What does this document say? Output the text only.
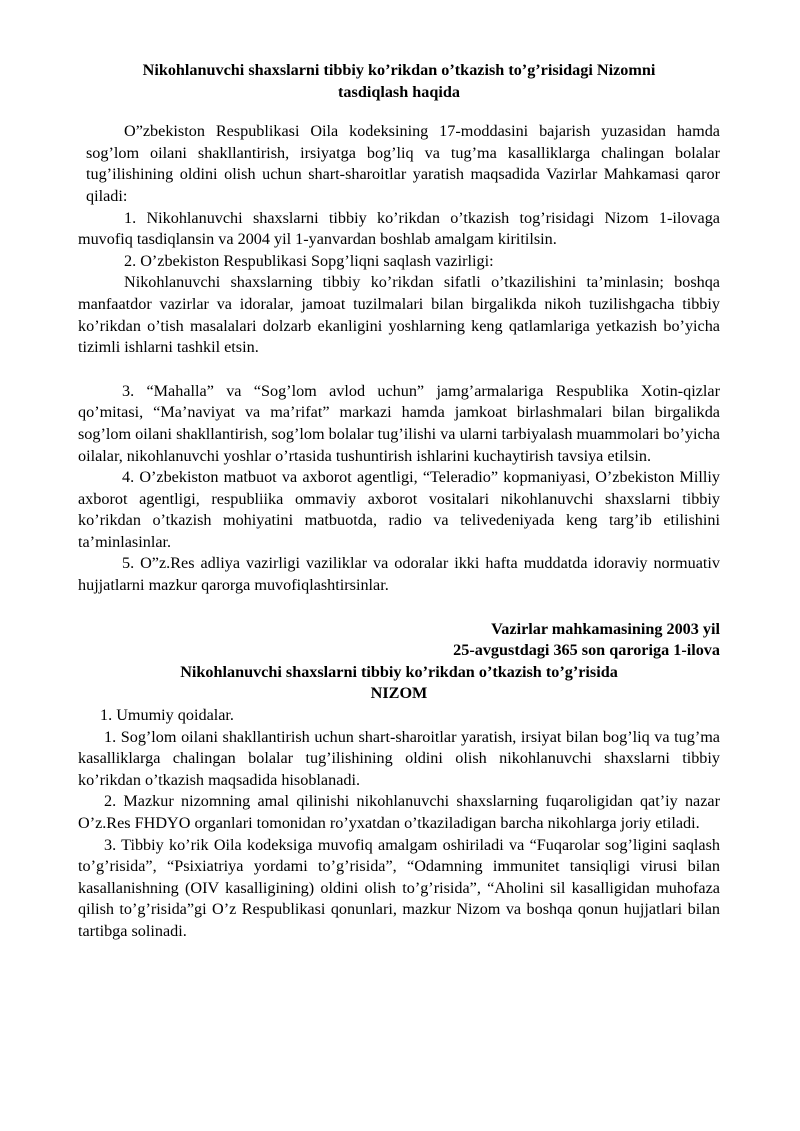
Nikohlanuvchi shaxslarni tibbiy ko’rikdan o’tkazish to’g’risidagi Nizomni
tasdiqlash haqida

O”zbekiston Respublikasi Oila kodeksining 17-moddasini bajarish yuzasidan hamda sog’lom oilani shakllantirish, irsiyatga bog’liq va tug’ma kasalliklarga chalingan bolalar tug’ilishining oldini olish uchun shart-sharoitlar yaratish maqsadida Vazirlar Mahkamasi qaror qiladi:

1. Nikohlanuvchi shaxslarni tibbiy ko’rikdan o’tkazish tog’risidagi Nizom 1-ilovaga muvofiq tasdiqlansin va 2004 yil 1-yanvardan boshlab amalgam kiritilsin.

2. O’zbekiston Respublikasi Sopg’liqni saqlash vazirligi:

Nikohlanuvchi shaxslarning tibbiy ko’rikdan sifatli o’tkazilishini ta’minlasin; boshqa manfaatdor vazirlar va idoralar, jamoat tuzilmalari bilan birgalikda nikoh tuzilishgacha tibbiy ko’rikdan o’tish masalalari dolzarb ekanligini yoshlarning keng qatlamlariga yetkazish bo’yicha tizimli ishlarni tashkil etsin.

3. “Mahalla” va “Sog’lom avlod uchun” jamg’armalariga Respublika Xotin-qizlar qo’mitasi, “Ma’naviyat va ma’rifat” markazi hamda jamkoat birlashmalari bilan birgalikda sog’lom oilani shakllantirish, sog’lom bolalar tug’ilishi va ularni tarbiyalash muammolari bo’yicha oilalar, nikohlanuvchi yoshlar o’rtasida tushuntirish ishlarini kuchaytirish tavsiya etilsin.

4. O’zbekiston matbuot va axborot agentligi, “Teleradio” kopmaniyasi, O’zbekiston Milliy axborot agentligi, respubliika ommaviy axborot vositalari nikohlanuvchi shaxslarni tibbiy ko’rikdan o’tkazish mohiyatini matbuotda, radio va telivedeniyada keng targ’ib etilishini ta’minlasinlar.

5. O”z.Res adliya vazirligi vaziliklar va odoralar ikki hafta muddatda idoraviy normuativ hujjatlarni mazkur qarorga muvofiqlashtirsinlar.

Vazirlar mahkamasining 2003 yil
25-avgustdagi 365 son qaroriga 1-ilova
Nikohlanuvchi shaxslarni tibbiy ko’rikdan o’tkazish to’g’risida
NIZOM

1. Umumiy qoidalar.

1. Sog’lom oilani shakllantirish uchun shart-sharoitlar yaratish, irsiyat bilan bog’liq va tug’ma kasalliklarga chalingan bolalar tug’ilishining oldini olish nikohlanuvchi shaxslarni tibbiy ko’rikdan o’tkazish maqsadida hisoblanadi.

2. Mazkur nizomning amal qilinishi nikohlanuvchi shaxslarning fuqaroligidan qat’iy nazar O’z.Res FHDYO organlari tomonidan ro’yxatdan o’tkaziladigan barcha nikohlarga joriy etiladi.

3. Tibbiy ko’rik Oila kodeksiga muvofiq amalgam oshiriladi va “Fuqarolar sog’ligini saqlash to’g’risida”, “Psixiatriya yordami to’g’risida”, “Odamning immunitet tansiqligi virusi bilan kasallanishning (OIV kasalligining) oldini olish to’g’risida”, “Aholini sil kasalligidan muhofaza qilish to’g’risida”gi O’z Respublikasi qonunlari, mazkur Nizom va boshqa qonun hujjatlari bilan tartibga solinadi.
